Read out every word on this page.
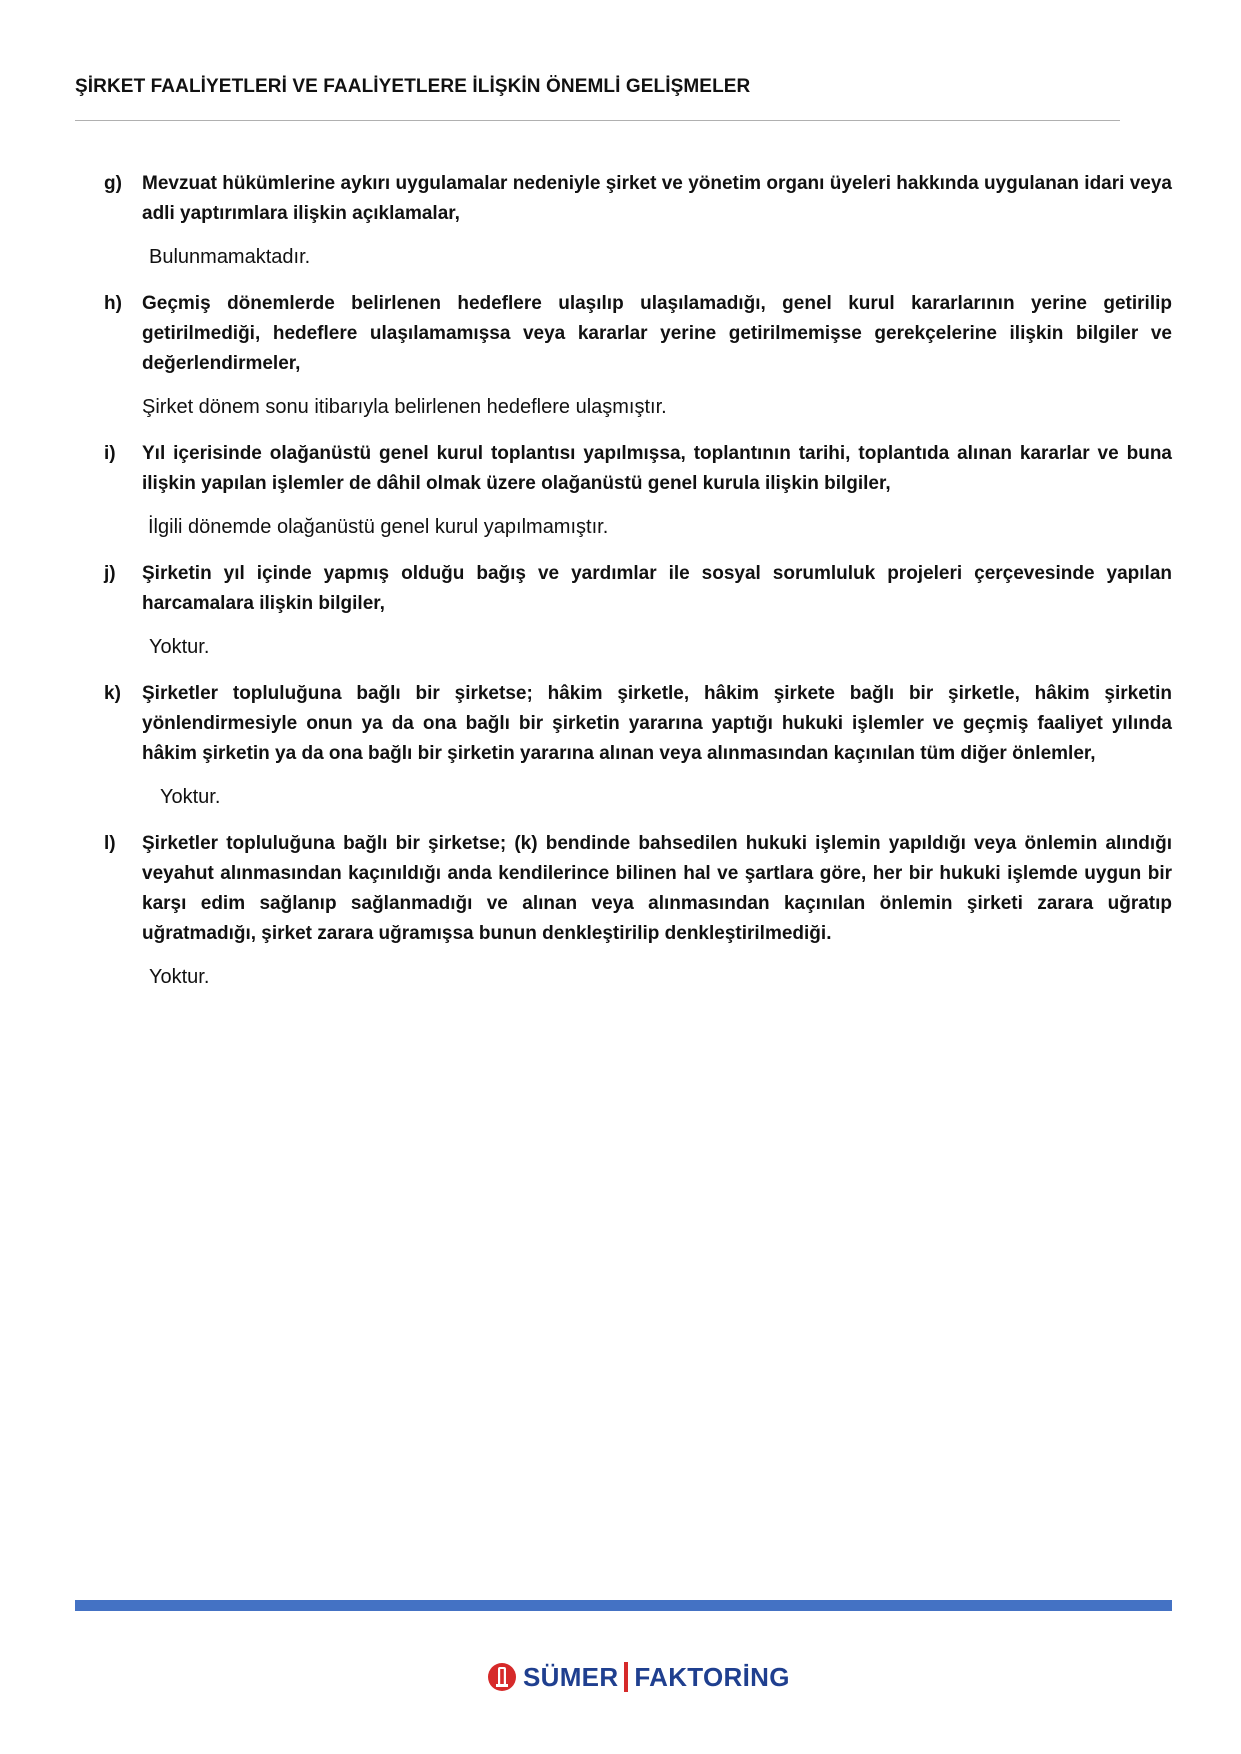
ŞİRKET FAALİYETLERİ VE FAALİYETLERE İLİŞKİN ÖNEMLİ GELİŞMELER
g)	Mevzuat hükümlerine aykırı uygulamalar nedeniyle şirket ve yönetim organı üyeleri hakkında uygulanan idari veya adli yaptırımlara ilişkin açıklamalar,
Bulunmamaktadır.
h)	Geçmiş dönemlerde belirlenen hedeflere ulaşılıp ulaşılamadığı, genel kurul kararlarının yerine getirilip getirilmediği, hedeflere ulaşılamamışsa veya kararlar yerine getirilmemişse gerekçelerine ilişkin bilgiler ve değerlendirmeler,
Şirket dönem sonu itibarıyla belirlenen hedeflere ulaşmıştır.
i)	Yıl içerisinde olağanüstü genel kurul toplantısı yapılmışsa, toplantının tarihi, toplantıda alınan kararlar ve buna ilişkin yapılan işlemler de dâhil olmak üzere olağanüstü genel kurula ilişkin bilgiler,
İlgili dönemde olağanüstü genel kurul yapılmamıştır.
j)	Şirketin yıl içinde yapmış olduğu bağış ve yardımlar ile sosyal sorumluluk projeleri çerçevesinde yapılan harcamalara ilişkin bilgiler,
Yoktur.
k)	Şirketler topluluğuna bağlı bir şirketse; hâkim şirketle, hâkim şirkete bağlı bir şirketle, hâkim şirketin yönlendirmesiyle onun ya da ona bağlı bir şirketin yararına yaptığı hukuki işlemler ve geçmiş faaliyet yılında hâkim şirketin ya da ona bağlı bir şirketin yararına alınan veya alınmasından kaçınılan tüm diğer önlemler,
Yoktur.
l)	Şirketler topluluğuna bağlı bir şirketse; (k) bendinde bahsedilen hukuki işlemin yapıldığı veya önlemin alındığı veyahut alınmasından kaçınıldığı anda kendilerince bilinen hal ve şartlara göre, her bir hukuki işlemde uygun bir karşı edim sağlanıp sağlanmadığı ve alınan veya alınmasından kaçınılan önlemin şirketi zarara uğratıp uğratmadığı, şirket zarara uğramışsa bunun denkleştirilip denkleştirilmediği.
Yoktur.
SÜMER FAKTORİNG
